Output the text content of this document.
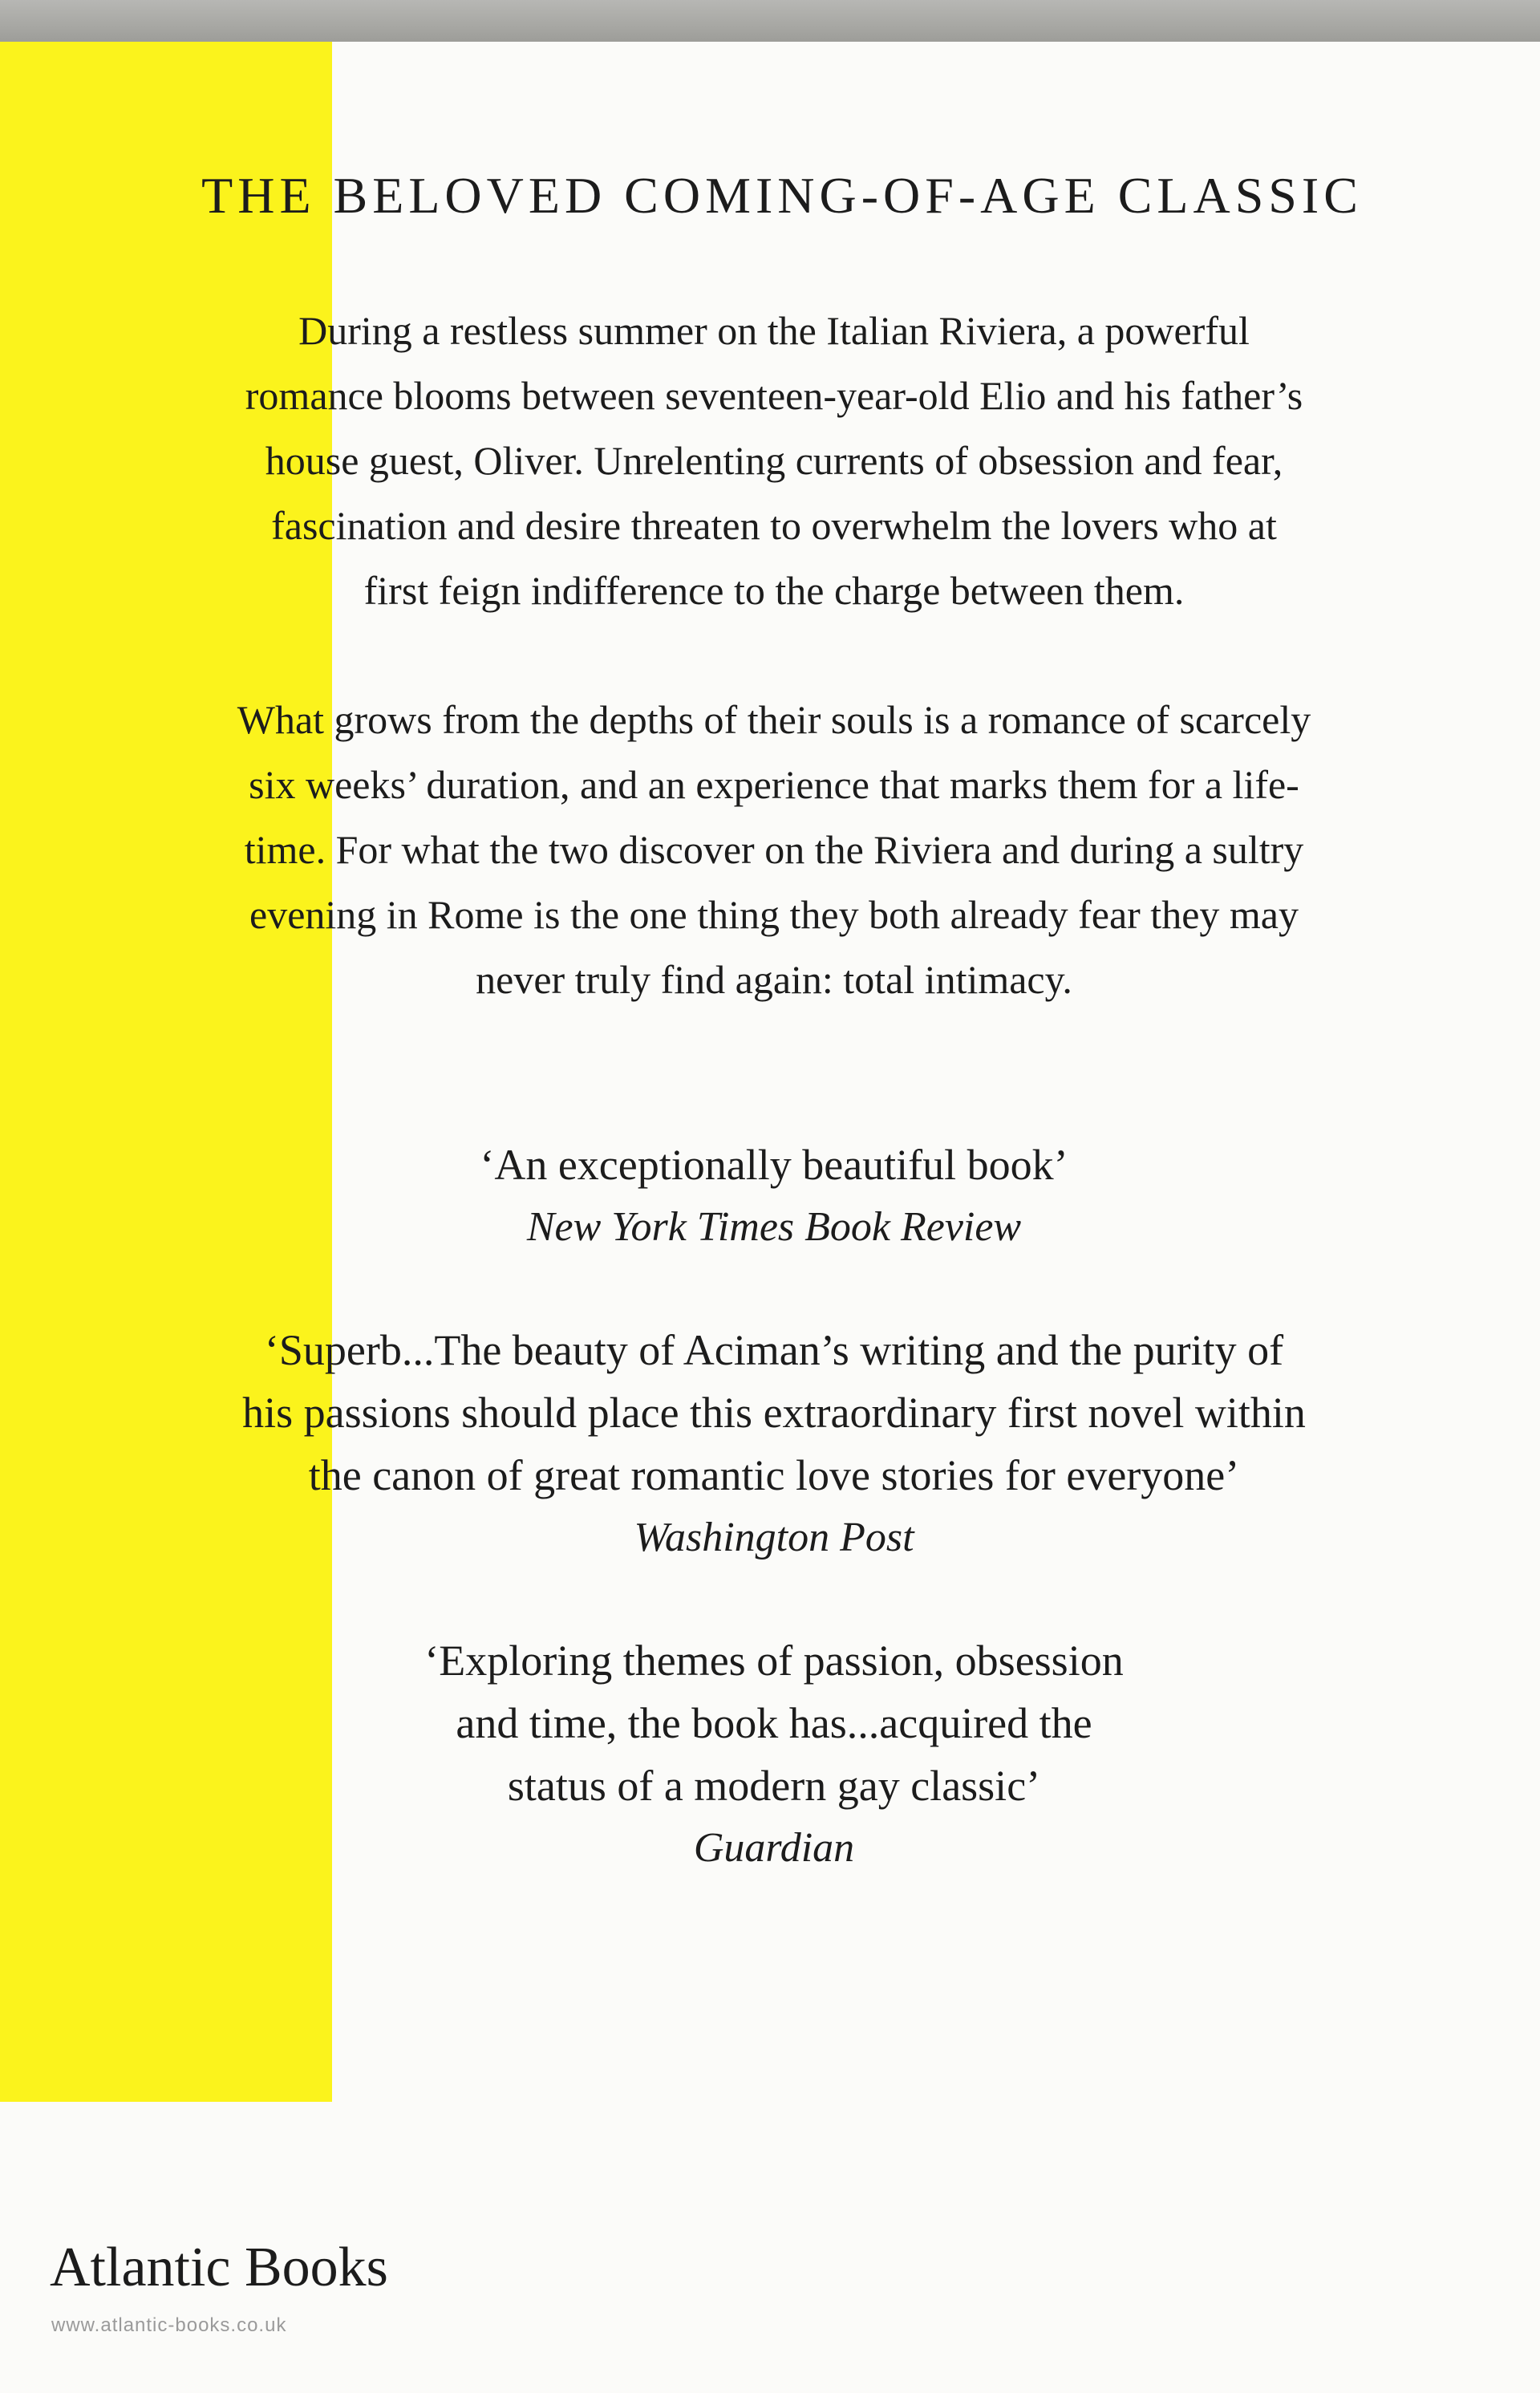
THE BELOVED COMING-OF-AGE CLASSIC
During a restless summer on the Italian Riviera, a powerful
romance blooms between seventeen-year-old Elio and his father’s
house guest, Oliver. Unrelenting currents of obsession and fear,
fascination and desire threaten to overwhelm the lovers who at
first feign indifference to the charge between them.
What grows from the depths of their souls is a romance of scarcely
six weeks’ duration, and an experience that marks them for a life-
time. For what the two discover on the Riviera and during a sultry
evening in Rome is the one thing they both already fear they may
never truly find again: total intimacy.

‘An exceptionally beautiful book’

New York Times Book Review

‘Superb...The beauty of Aciman’s writing and the purity of
his passions should place this extraordinary first novel within
the canon of great romantic love stories for everyone’

Washington Post

‘Exploring themes of passion, obsession
and time, the book has...acquired the
status of a modern gay classic’

Guardian

Atlantic Books
www.atlantic-books.co.uk
